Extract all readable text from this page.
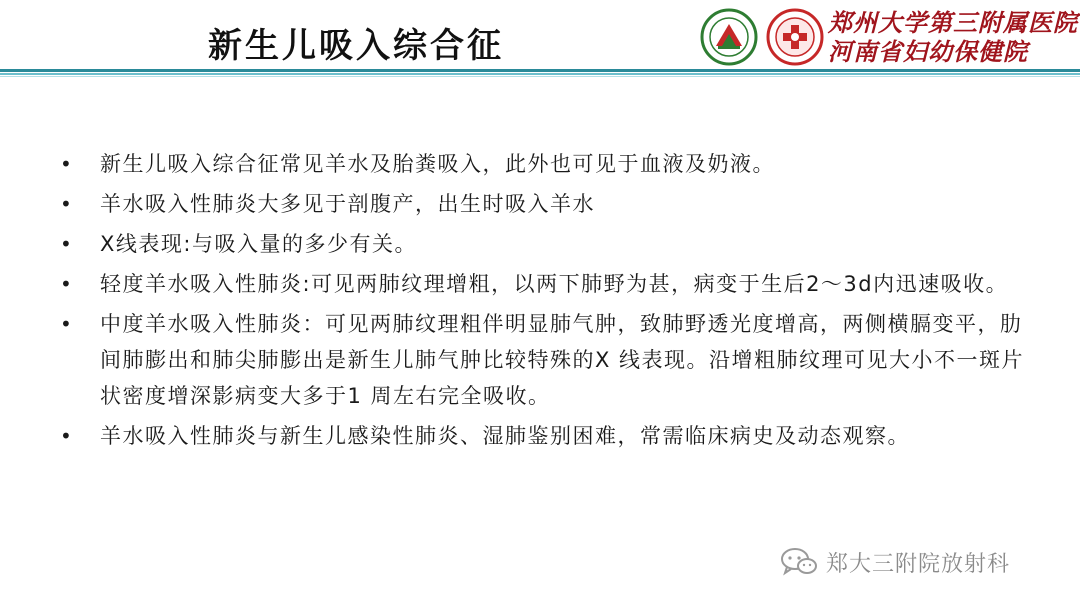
新生儿吸入综合征
郑州大学第三附属医院
河南省妇幼保健院
• 新生儿吸入综合征常见羊水及胎粪吸入，此外也可见于血液及奶液。
• 羊水吸入性肺炎大多见于剖腹产，出生时吸入羊水
• X线表现:与吸入量的多少有关。
• 轻度羊水吸入性肺炎:可见两肺纹理增粗，以两下肺野为甚，病变于生后2～3d内迅速吸收。
• 中度羊水吸入性肺炎：可见两肺纹理粗伴明显肺气肿，致肺野透光度增高，两侧横膈变平，肋间肺膨出和肺尖肺膨出是新生儿肺气肿比较特殊的X 线表现。沿增粗肺纹理可见大小不一斑片状密度增深影病变大多于1 周左右完全吸收。
• 羊水吸入性肺炎与新生儿感染性肺炎、湿肺鉴别困难，常需临床病史及动态观察。
郑大三附院放射科
